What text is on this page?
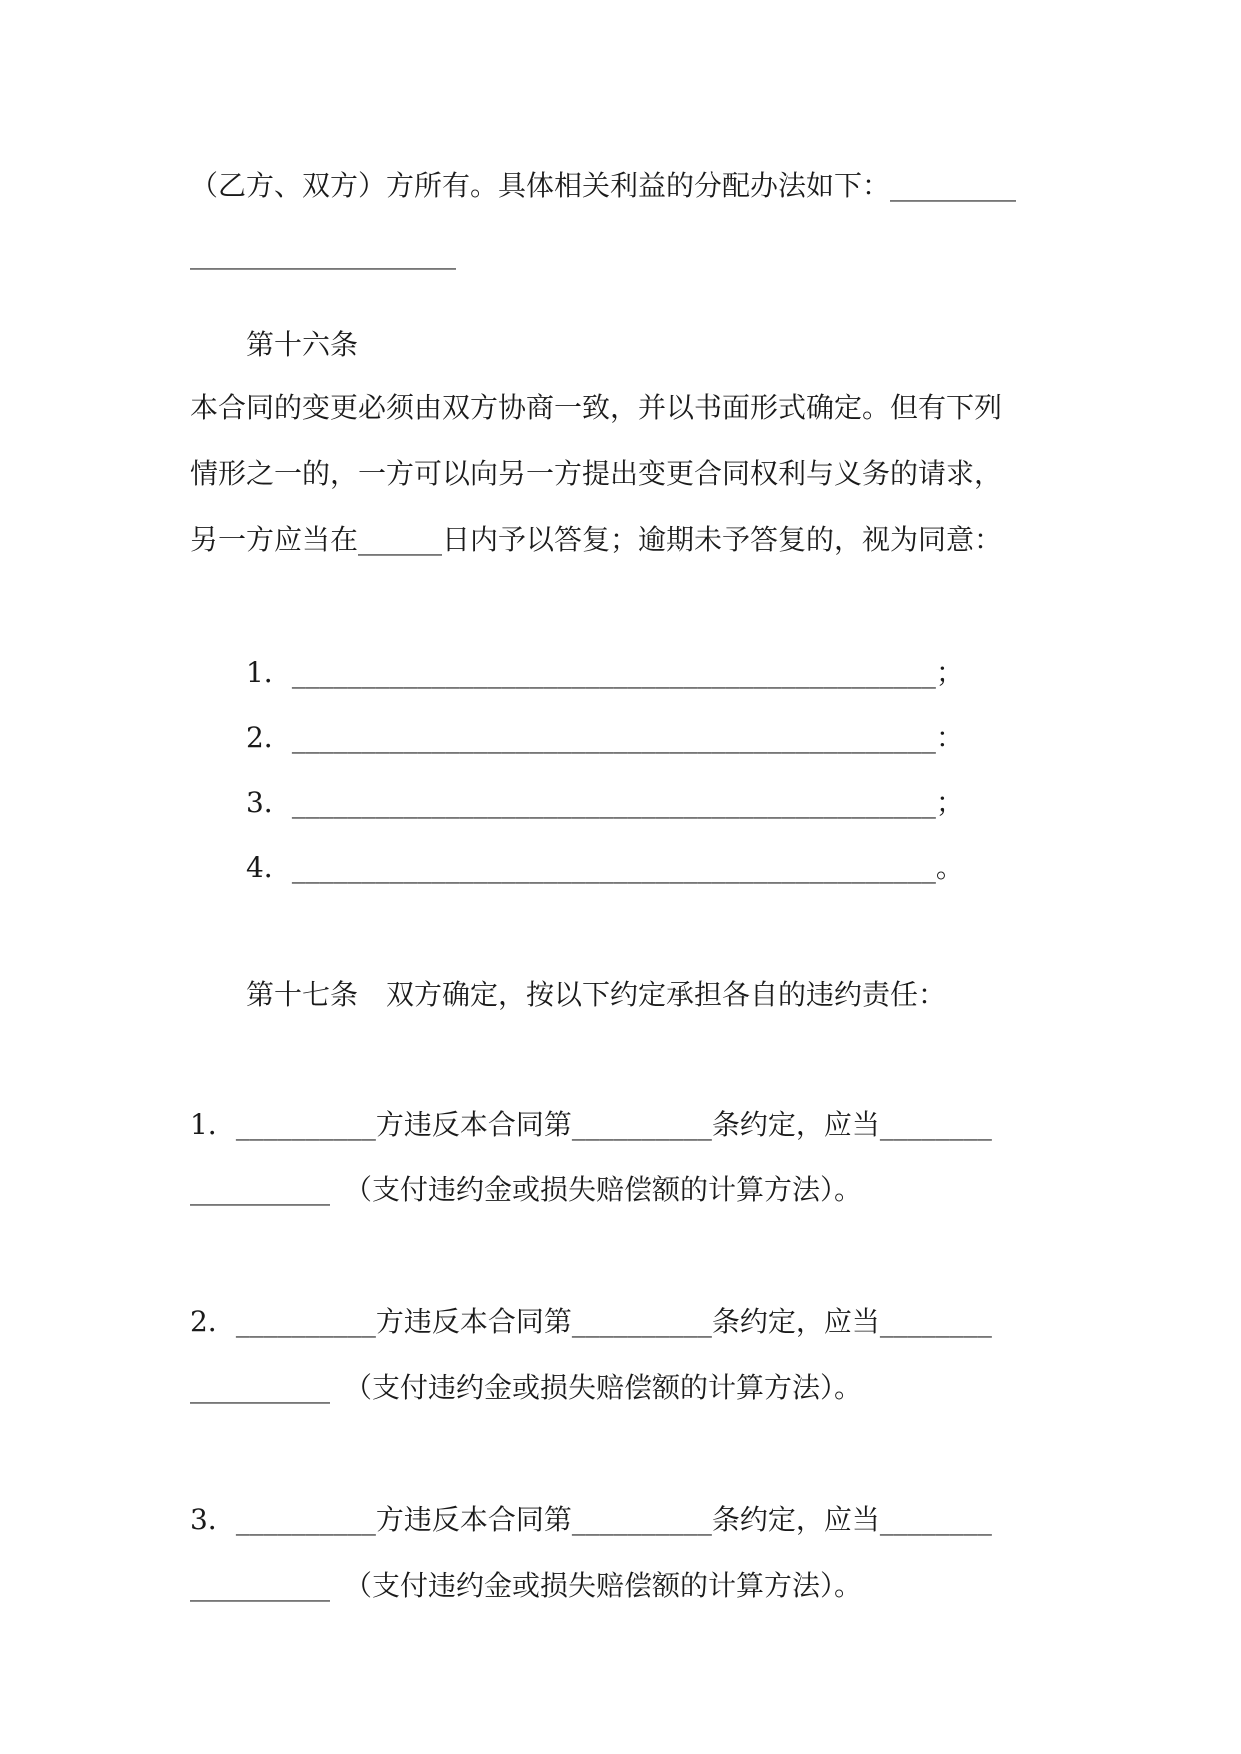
（乙方、双方）方所有。具体相关利益的分配办法如下：_________
___________________
第十六条
本合同的变更必须由双方协商一致，并以书面形式确定。但有下列
情形之一的，一方可以向另一方提出变更合同权利与义务的请求，
另一方应当在______日内予以答复；逾期未予答复的，视为同意：
1．______________________________________________；
2．______________________________________________：
3．______________________________________________；
4．______________________________________________。
第十七条　双方确定，按以下约定承担各自的违约责任：
1．__________方违反本合同第__________条约定，应当________
__________　（支付违约金或损失赔偿额的计算方法）。
2．__________方违反本合同第__________条约定，应当________
__________　（支付违约金或损失赔偿额的计算方法）。
3．__________方违反本合同第__________条约定，应当________
__________　（支付违约金或损失赔偿额的计算方法）。
